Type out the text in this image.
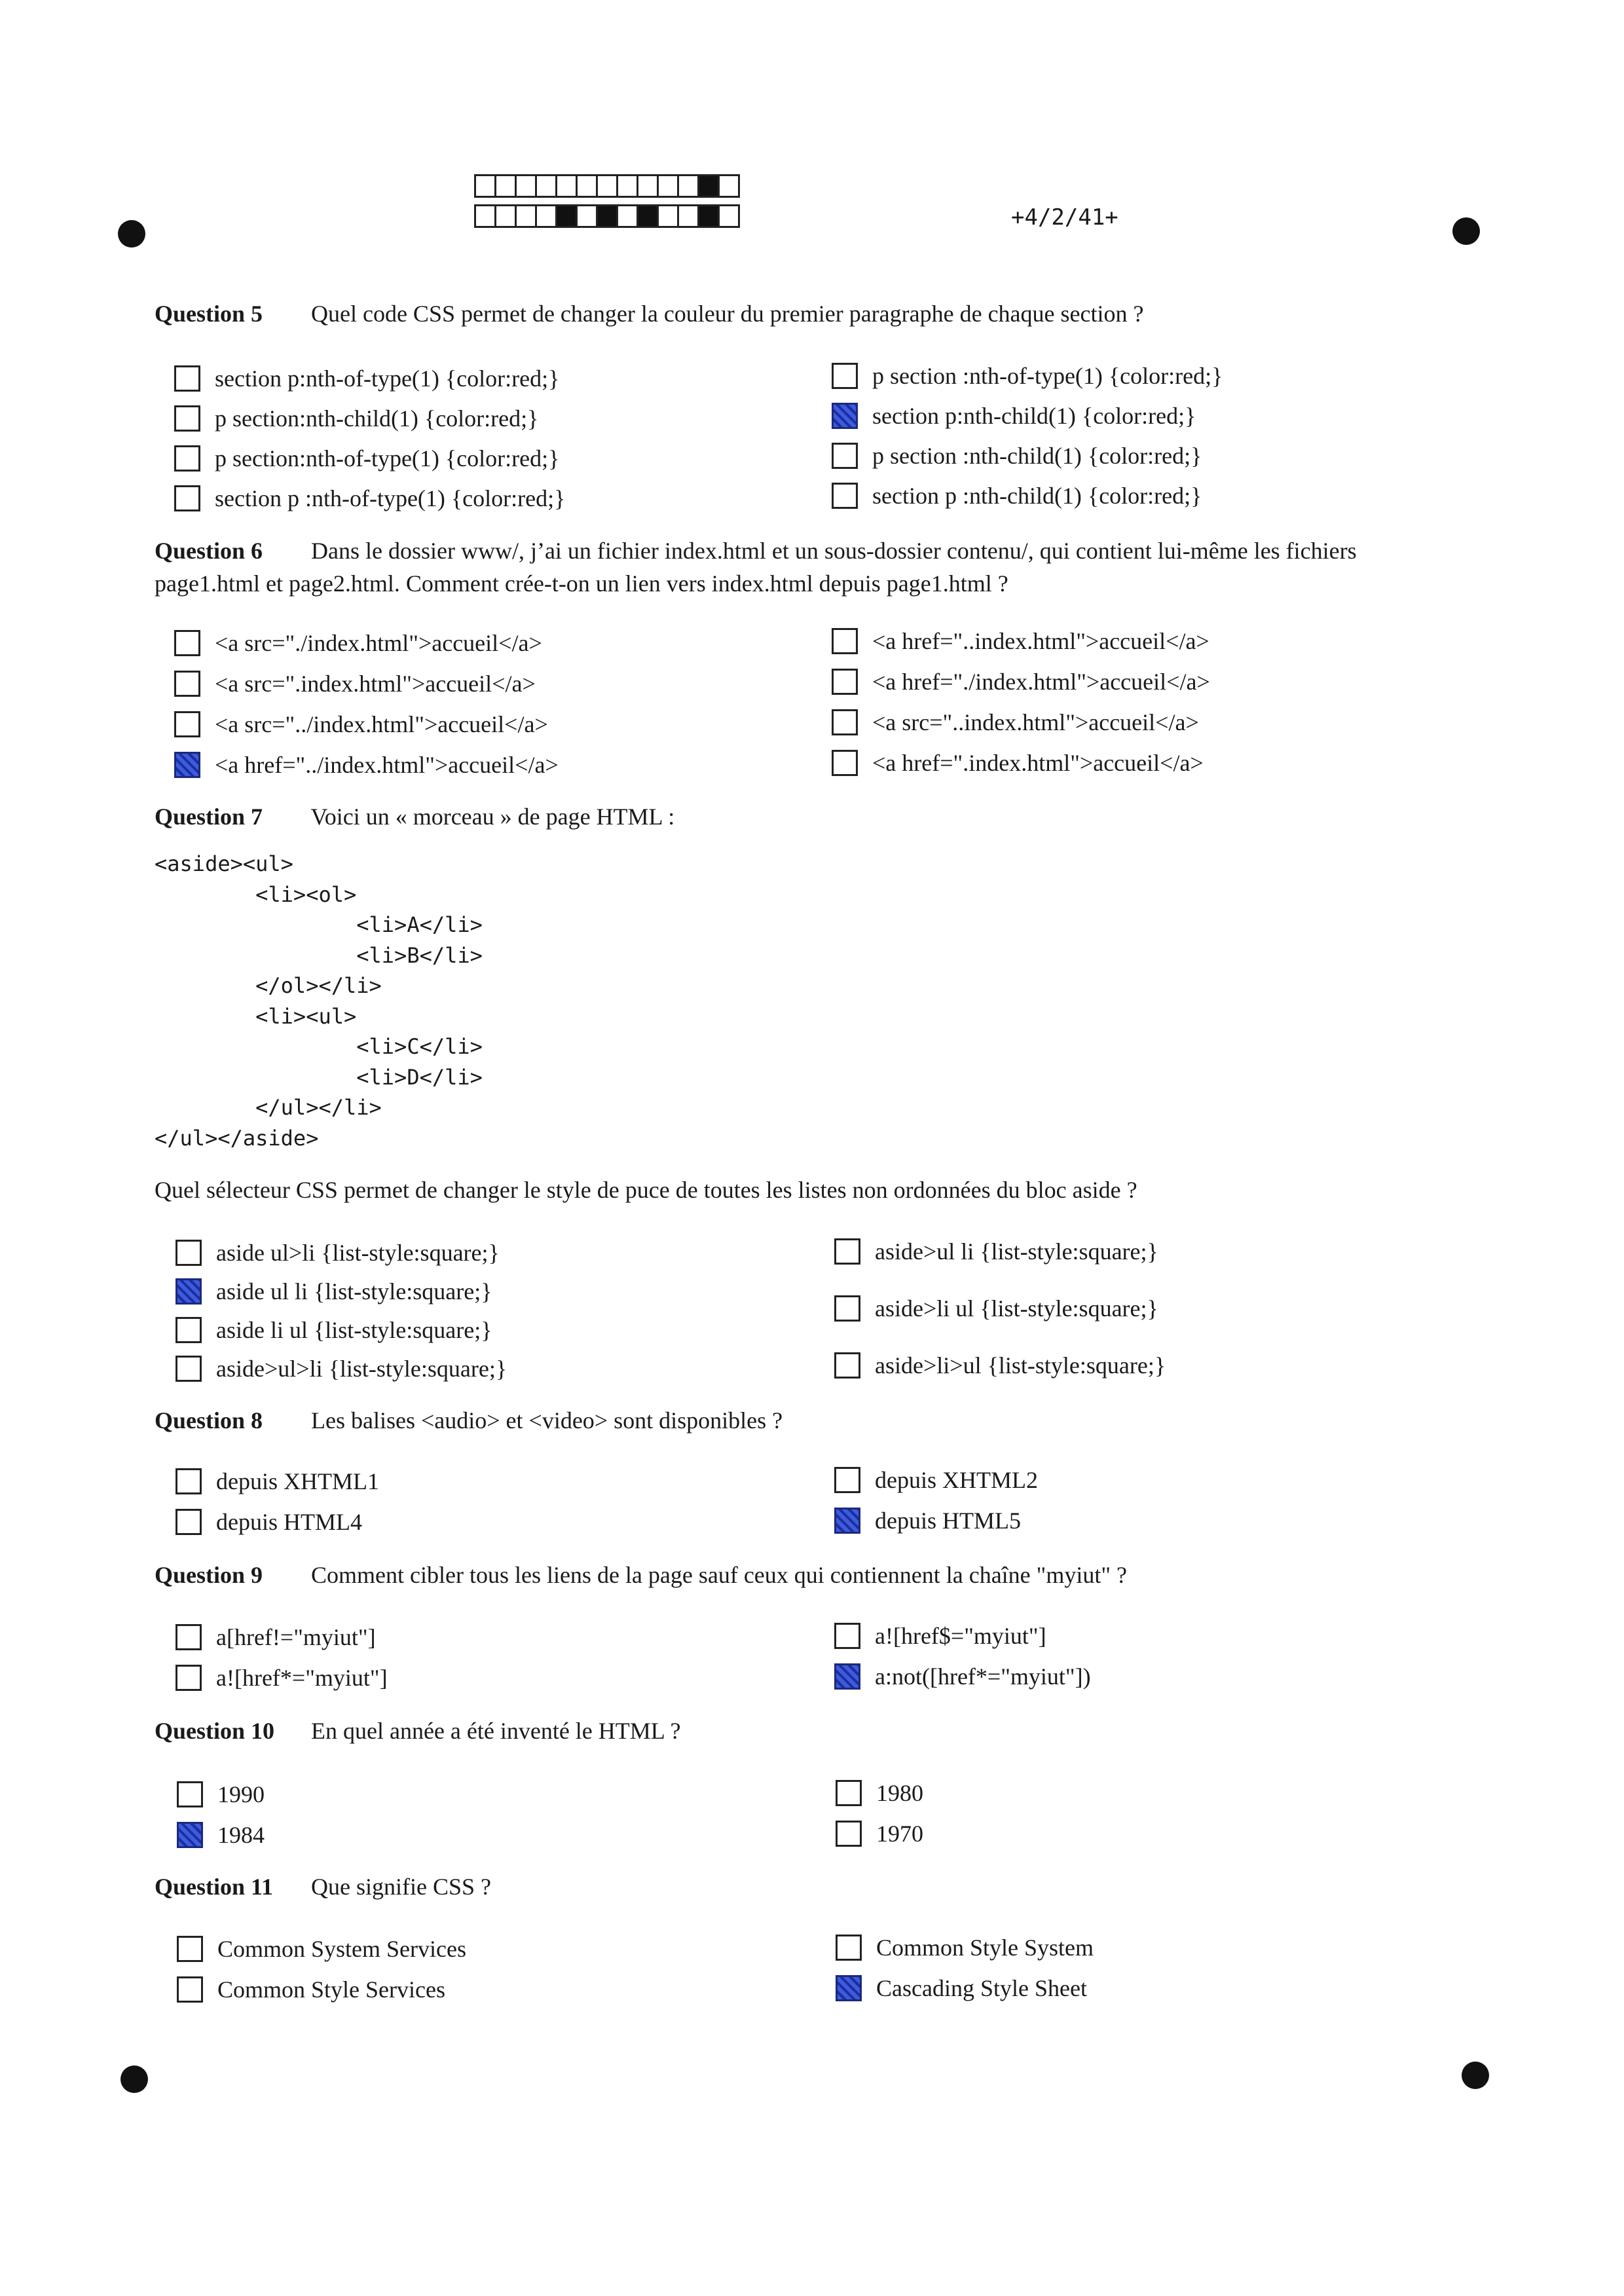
+4/2/41+
Question 5 Quel code CSS permet de changer la couleur du premier paragraphe de chaque section ?
section p:nth-of-type(1) {color:red;}
p section:nth-child(1) {color:red;}
p section:nth-of-type(1) {color:red;}
section p :nth-of-type(1) {color:red;}
p section :nth-of-type(1) {color:red;}
section p:nth-child(1) {color:red;}
p section :nth-child(1) {color:red;}
section p :nth-child(1) {color:red;}
Question 6 Dans le dossier www/, j’ai un fichier index.html et un sous-dossier contenu/, qui contient lui-même les fichiers page1.html et page2.html. Comment crée-t-on un lien vers index.html depuis page1.html ?
<a src="./index.html">accueil</a>
<a src=".index.html">accueil</a>
<a src="../index.html">accueil</a>
<a href="../index.html">accueil</a>
<a href="..index.html">accueil</a>
<a href="./index.html">accueil</a>
<a src="..index.html">accueil</a>
<a href=".index.html">accueil</a>
Question 7 Voici un « morceau » de page HTML :
<aside><ul>
<li><ol>
<li>A</li>
<li>B</li>
</ol></li>
<li><ul>
<li>C</li>
<li>D</li>
</ul></li>
</ul></aside>
Quel sélecteur CSS permet de changer le style de puce de toutes les listes non ordonnées du bloc aside ?
aside ul>li {list-style:square;}
aside ul li {list-style:square;}
aside li ul {list-style:square;}
aside>ul>li {list-style:square;}
aside>ul li {list-style:square;}
aside>li ul {list-style:square;}
aside>li>ul {list-style:square;}
Question 8 Les balises <audio> et <video> sont disponibles ?
depuis XHTML1
depuis HTML4
depuis XHTML2
depuis HTML5
Question 9 Comment cibler tous les liens de la page sauf ceux qui contiennent la chaîne "myiut" ?
a[href!="myiut"]
a![href*="myiut"]
a![href$="myiut"]
a:not([href*="myiut"])
Question 10 En quel année a été inventé le HTML ?
1990
1984
1980
1970
Question 11 Que signifie CSS ?
Common System Services
Common Style Services
Common Style System
Cascading Style Sheet
